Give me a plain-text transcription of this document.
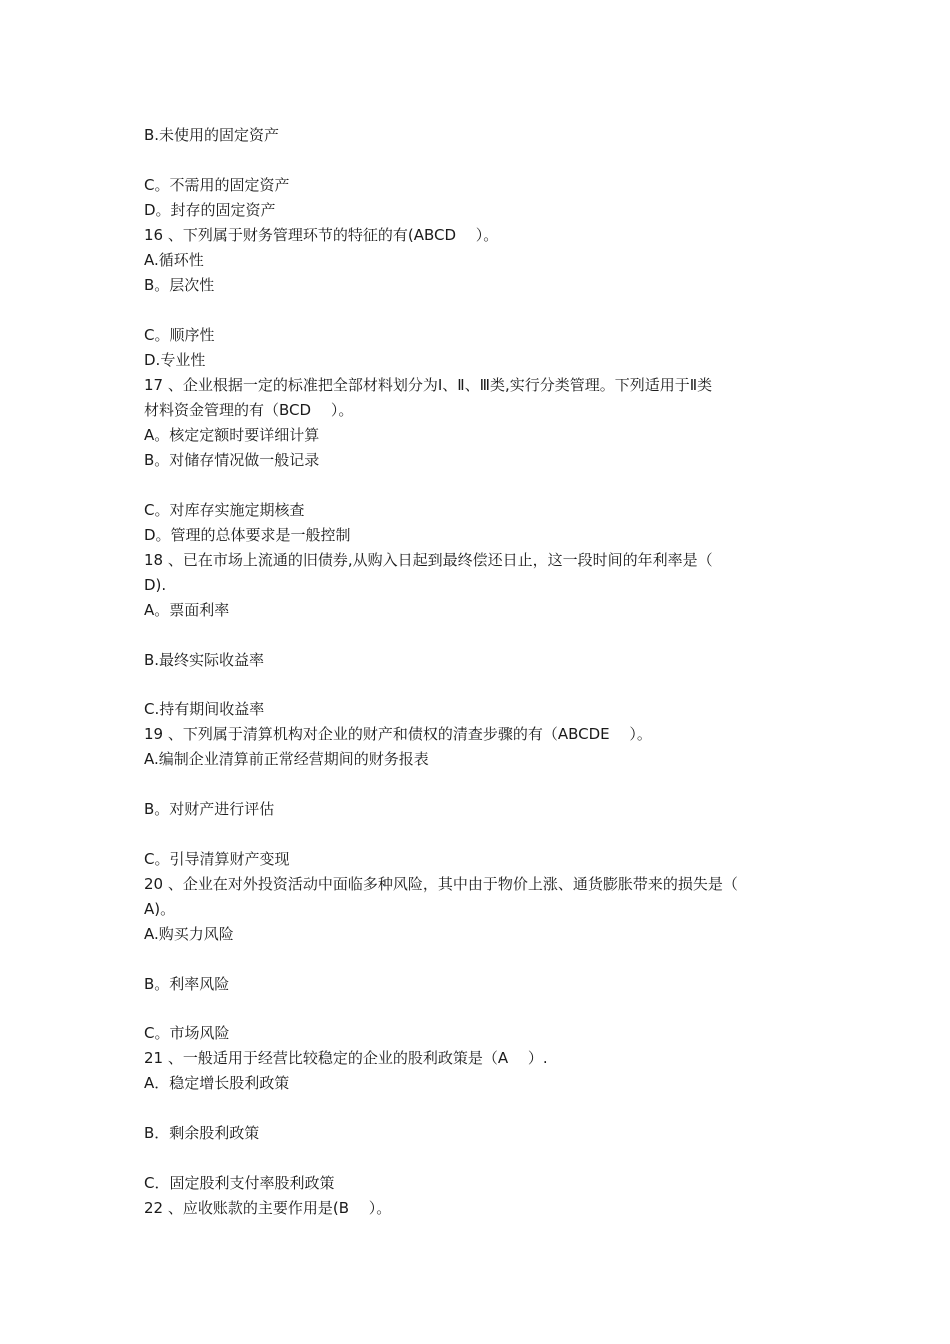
B.未使用的固定资产
C。不需用的固定资产
D。封存的固定资产
16 、下列属于财务管理环节的特征的有(ABCD　 ）。
A.循环性
B。层次性
C。顺序性
D.专业性
17 、企业根据一定的标准把全部材料划分为Ⅰ、Ⅱ、Ⅲ类,实行分类管理。下列适用于Ⅱ类
材料资金管理的有（BCD　 ）。
A。核定定额时要详细计算
B。对储存情况做一般记录
C。对库存实施定期核查
D。管理的总体要求是一般控制
18 、已在市场上流通的旧债券,从购入日起到最终偿还日止，这一段时间的年利率是（
D).
A。票面利率
B.最终实际收益率
C.持有期间收益率
19 、下列属于清算机构对企业的财产和债权的清查步骤的有（ABCDE　 ）。
A.编制企业清算前正常经营期间的财务报表
B。对财产进行评估
C。引导清算财产变现
20 、企业在对外投资活动中面临多种风险，其中由于物价上涨、通货膨胀带来的损失是（
A)。
A.购买力风险
B。利率风险
C。市场风险
21 、一般适用于经营比较稳定的企业的股利政策是（A　 ）.
A．稳定增长股利政策
B．剩余股利政策
C．固定股利支付率股利政策
22 、应收账款的主要作用是(B　 ）。
